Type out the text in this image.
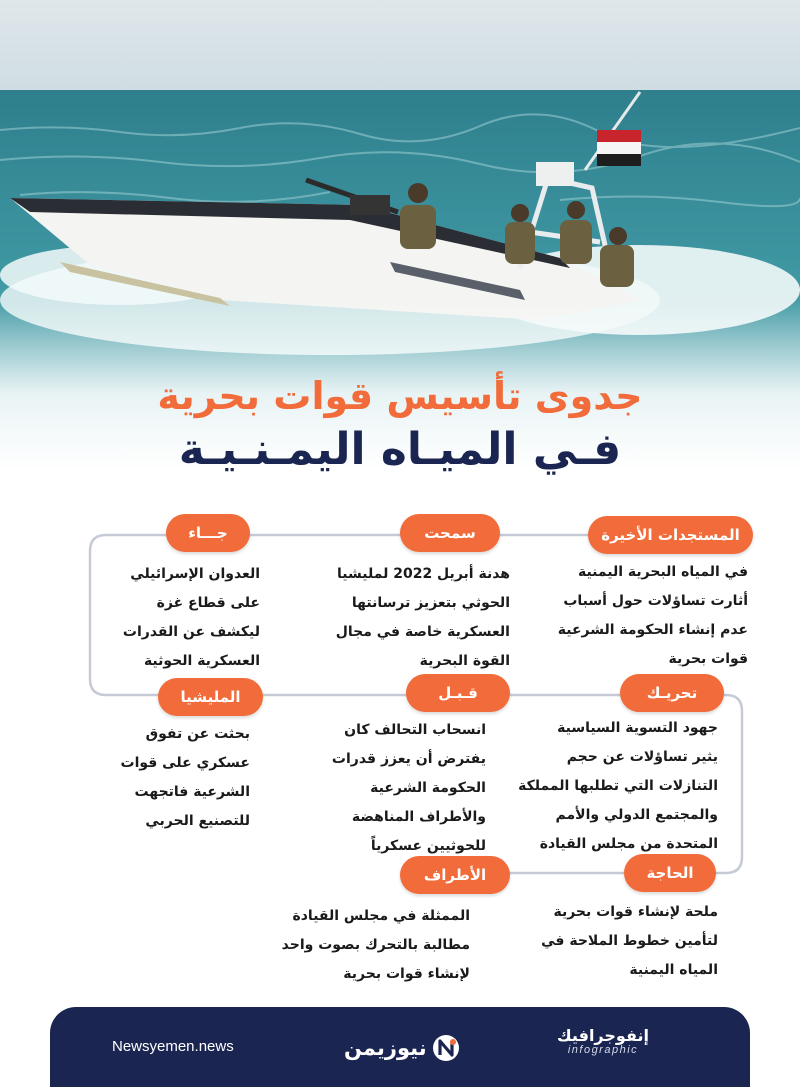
جدوى تأسيس قوات بحرية
فـي الميـاه اليمـنـيـة
المستجدات الأخيرة
في المياه البحرية اليمنية
أثارت تساؤلات حول أسباب
عدم إنشاء الحكومة الشرعية
قوات بحرية
سمحت
هدنة أبريل 2022 لمليشيا
الحوثي بتعزيز ترسانتها
العسكرية خاصة في مجال
القوة البحرية
جـــاء
العدوان الإسرائيلي
على قطاع غزة
ليكشف عن القدرات
العسكرية الحوثية
المليشيا
بحثت عن تفوق
عسكري على قوات
الشرعية فاتجهت
للتصنيع الحربي
قـبـل
انسحاب التحالف كان
يفترض أن يعزز قدرات
الحكومة الشرعية
والأطراف المناهضة
للحوثيين عسكرياً
تحريـك
جهود التسوية السياسية
يثير تساؤلات عن حجم
التنازلات التي تطلبها المملكة
والمجتمع الدولي والأمم
المتحدة من مجلس القيادة
الحاجة
ملحة لإنشاء قوات بحرية
لتأمين خطوط الملاحة في
المياه اليمنية
الأطراف
الممثلة في مجلس القيادة
مطالبة بالتحرك بصوت واحد
لإنشاء قوات بحرية
Newsyemen.news	نيوزيمن
إنفوجرافيك
infographic
